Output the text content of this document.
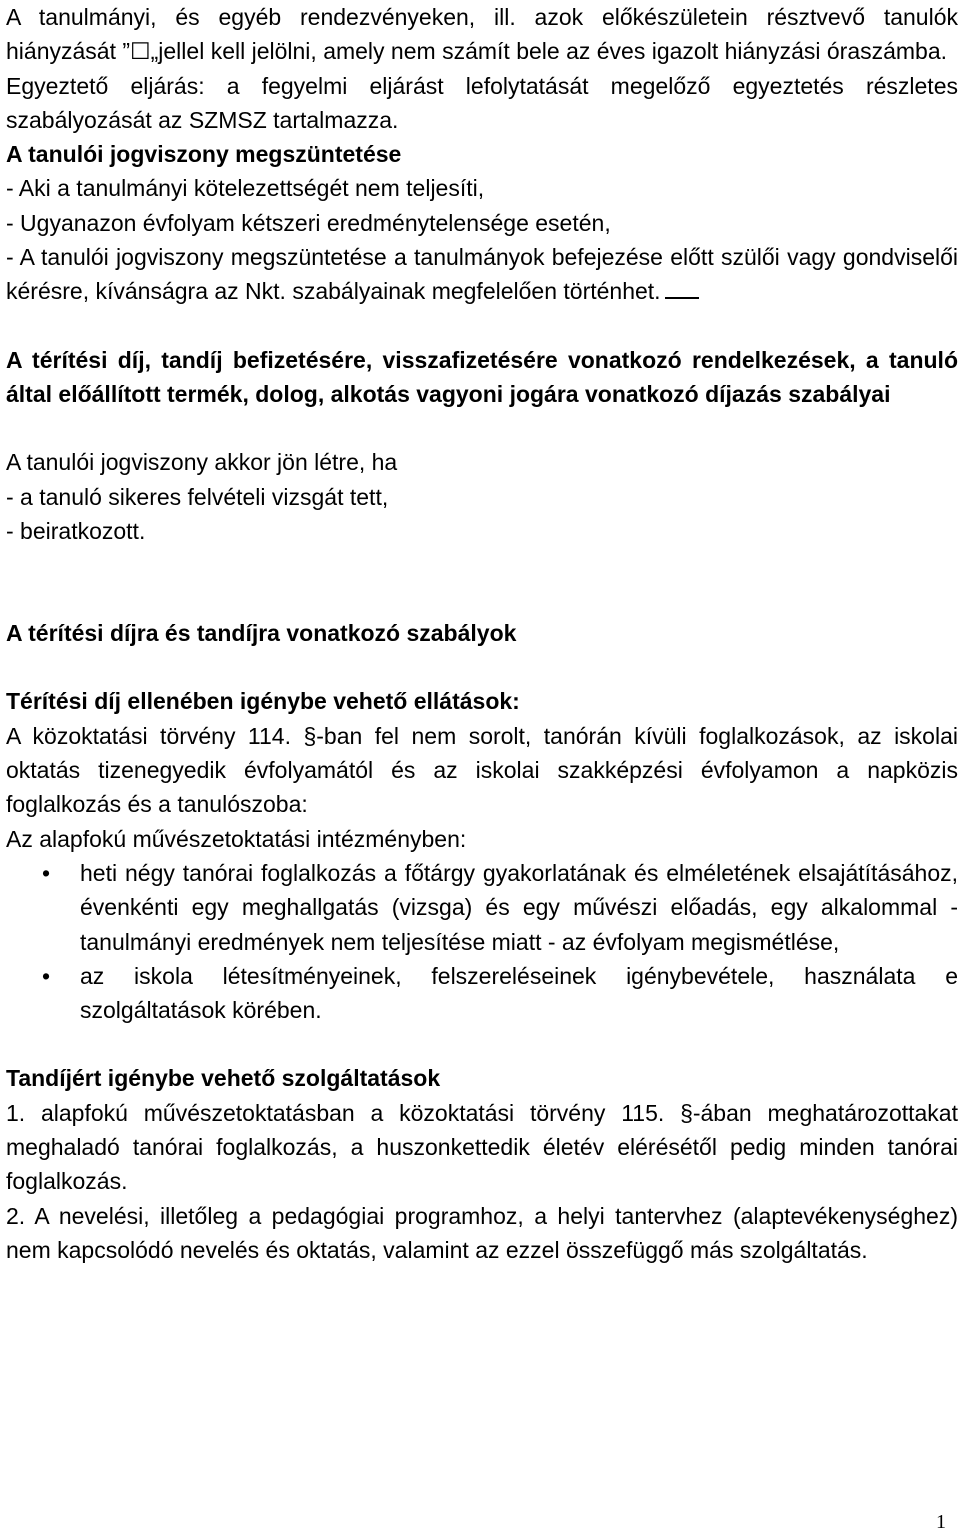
A tanulmányi, és egyéb rendezvényeken, ill. azok előkészületein résztvevő tanulók hiányzását ”☐„jellel kell jelölni, amely nem számít bele az éves igazolt hiányzási óraszámba.

Egyeztető eljárás: a fegyelmi eljárást lefolytatását megelőző egyeztetés részletes szabályozását az SZMSZ tartalmazza.

A tanulói jogviszony megszüntetése

- Aki a tanulmányi kötelezettségét nem teljesíti,

- Ugyanazon évfolyam kétszeri eredménytelensége esetén,

- A tanulói jogviszony megszüntetése a tanulmányok befejezése előtt szülői vagy gondviselői kérésre, kívánságra az Nkt. szabályainak megfelelően történhet.

A térítési díj, tandíj befizetésére, visszafizetésére vonatkozó rendelkezések, a tanuló által előállított termék, dolog, alkotás vagyoni jogára vonatkozó díjazás szabályai

A tanulói jogviszony akkor jön létre, ha

- a tanuló sikeres felvételi vizsgát tett,

- beiratkozott.

A térítési díjra és tandíjra vonatkozó szabályok

Térítési díj ellenében igénybe vehető ellátások:

A közoktatási törvény 114. §-ban fel nem sorolt, tanórán kívüli foglalkozások, az iskolai oktatás tizenegyedik évfolyamától és az iskolai szakképzési évfolyamon a napközis foglalkozás és a tanulószoba:

Az alapfokú művészetoktatási intézményben:

• heti négy tanórai foglalkozás a főtárgy gyakorlatának és elméletének elsajátításához, évenkénti egy meghallgatás (vizsga) és egy művészi előadás, egy alkalommal - tanulmányi eredmények nem teljesítése miatt - az évfolyam megismétlése,
• az iskola létesítményeinek, felszereléseinek igénybevétele, használata e szolgáltatások körében.

Tandíjért igénybe vehető szolgáltatások

1. alapfokú művészetoktatásban a közoktatási törvény 115. §-ában meghatározottakat meghaladó tanórai foglalkozás, a huszonkettedik életév elérésétől pedig minden tanórai foglalkozás.

2. A nevelési, illetőleg a pedagógiai programhoz, a helyi tantervhez (alaptevékenységhez) nem kapcsolódó nevelés és oktatás, valamint az ezzel összefüggő más szolgáltatás.

1
